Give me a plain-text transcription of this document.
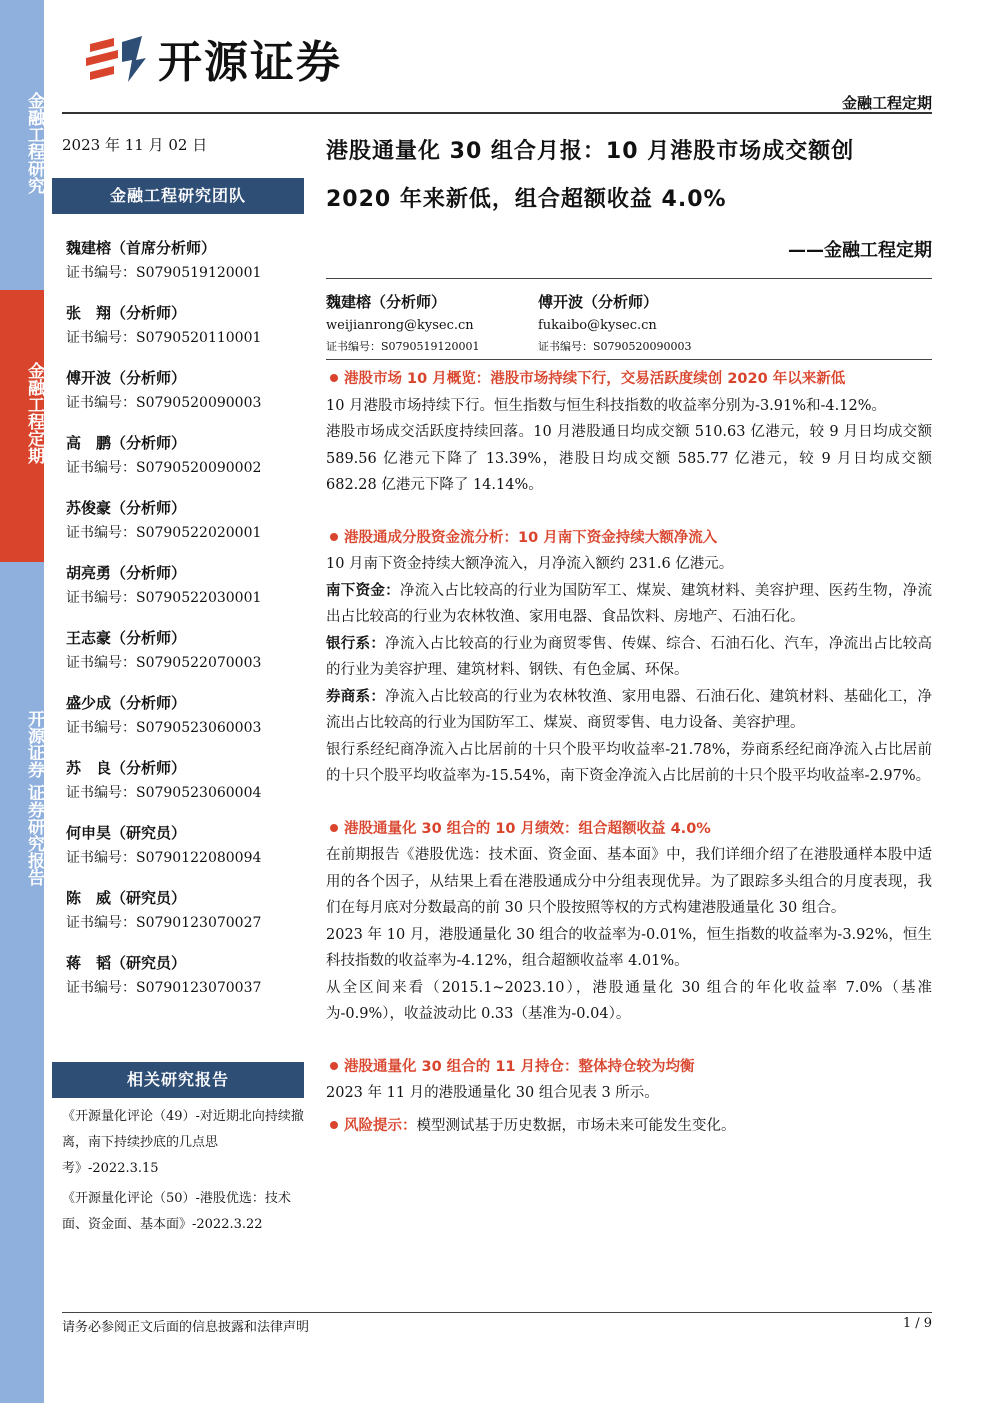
金融工程研究
金融工程定期
开源证券 证券研究报告
开源证券
金融工程定期
2023 年 11 月 02 日
金融工程研究团队
魏建榕（首席分析师）
证书编号：S0790519120001
张　翔（分析师）
证书编号：S0790520110001
傅开波（分析师）
证书编号：S0790520090003
高　鹏（分析师）
证书编号：S0790520090002
苏俊豪（分析师）
证书编号：S0790522020001
胡亮勇（分析师）
证书编号：S0790522030001
王志豪（分析师）
证书编号：S0790522070003
盛少成（分析师）
证书编号：S0790523060003
苏　良（分析师）
证书编号：S0790523060004
何申昊（研究员）
证书编号：S0790122080094
陈　威（研究员）
证书编号：S0790123070027
蒋　韬（研究员）
证书编号：S0790123070037
相关研究报告

《开源量化评论（49）-对近期北向持续撤离，南下持续抄底的几点思考》-2022.3.15

《开源量化评论（50）-港股优选：技术面、资金面、基本面》-2022.3.22

港股通量化 30 组合月报：10 月港股市场成交额创
2020 年来新低，组合超额收益 4.0%
——金融工程定期
魏建榕（分析师）
weijianrong@kysec.cn
证书编号：S0790519120001
傅开波（分析师）
fukaibo@kysec.cn
证书编号：S0790520090003
港股市场 10 月概览：港股市场持续下行，交易活跃度续创 2020 年以来新低

10 月港股市场持续下行。恒生指数与恒生科技指数的收益率分别为-3.91%和-4.12%。

港股市场成交活跃度持续回落。10 月港股通日均成交额 510.63 亿港元，较 9 月日均成交额 589.56 亿港元下降了 13.39%，港股日均成交额 585.77 亿港元，较 9 月日均成交额 682.28 亿港元下降了 14.14%。

港股通成分股资金流分析：10 月南下资金持续大额净流入

10 月南下资金持续大额净流入，月净流入额约 231.6 亿港元。

南下资金：净流入占比较高的行业为国防军工、煤炭、建筑材料、美容护理、医药生物，净流出占比较高的行业为农林牧渔、家用电器、食品饮料、房地产、石油石化。

银行系：净流入占比较高的行业为商贸零售、传媒、综合、石油石化、汽车，净流出占比较高的行业为美容护理、建筑材料、钢铁、有色金属、环保。

券商系：净流入占比较高的行业为农林牧渔、家用电器、石油石化、建筑材料、基础化工，净流出占比较高的行业为国防军工、煤炭、商贸零售、电力设备、美容护理。

银行系经纪商净流入占比居前的十只个股平均收益率-21.78%，券商系经纪商净流入占比居前的十只个股平均收益率为-15.54%，南下资金净流入占比居前的十只个股平均收益率-2.97%。

港股通量化 30 组合的 10 月绩效：组合超额收益 4.0%

在前期报告《港股优选：技术面、资金面、基本面》中，我们详细介绍了在港股通样本股中适用的各个因子，从结果上看在港股通成分中分组表现优异。为了跟踪多头组合的月度表现，我们在每月底对分数最高的前 30 只个股按照等权的方式构建港股通量化 30 组合。

2023 年 10 月，港股通量化 30 组合的收益率为-0.01%，恒生指数的收益率为-3.92%，恒生科技指数的收益率为-4.12%，组合超额收益率 4.01%。

从全区间来看（2015.1~2023.10），港股通量化 30 组合的年化收益率 7.0%（基准为-0.9%），收益波动比 0.33（基准为-0.04）。

港股通量化 30 组合的 11 月持仓：整体持仓较为均衡

2023 年 11 月的港股通量化 30 组合见表 3 所示。

风险提示：模型测试基于历史数据，市场未来可能发生变化。

请务必参阅正文后面的信息披露和法律声明	1 / 9
